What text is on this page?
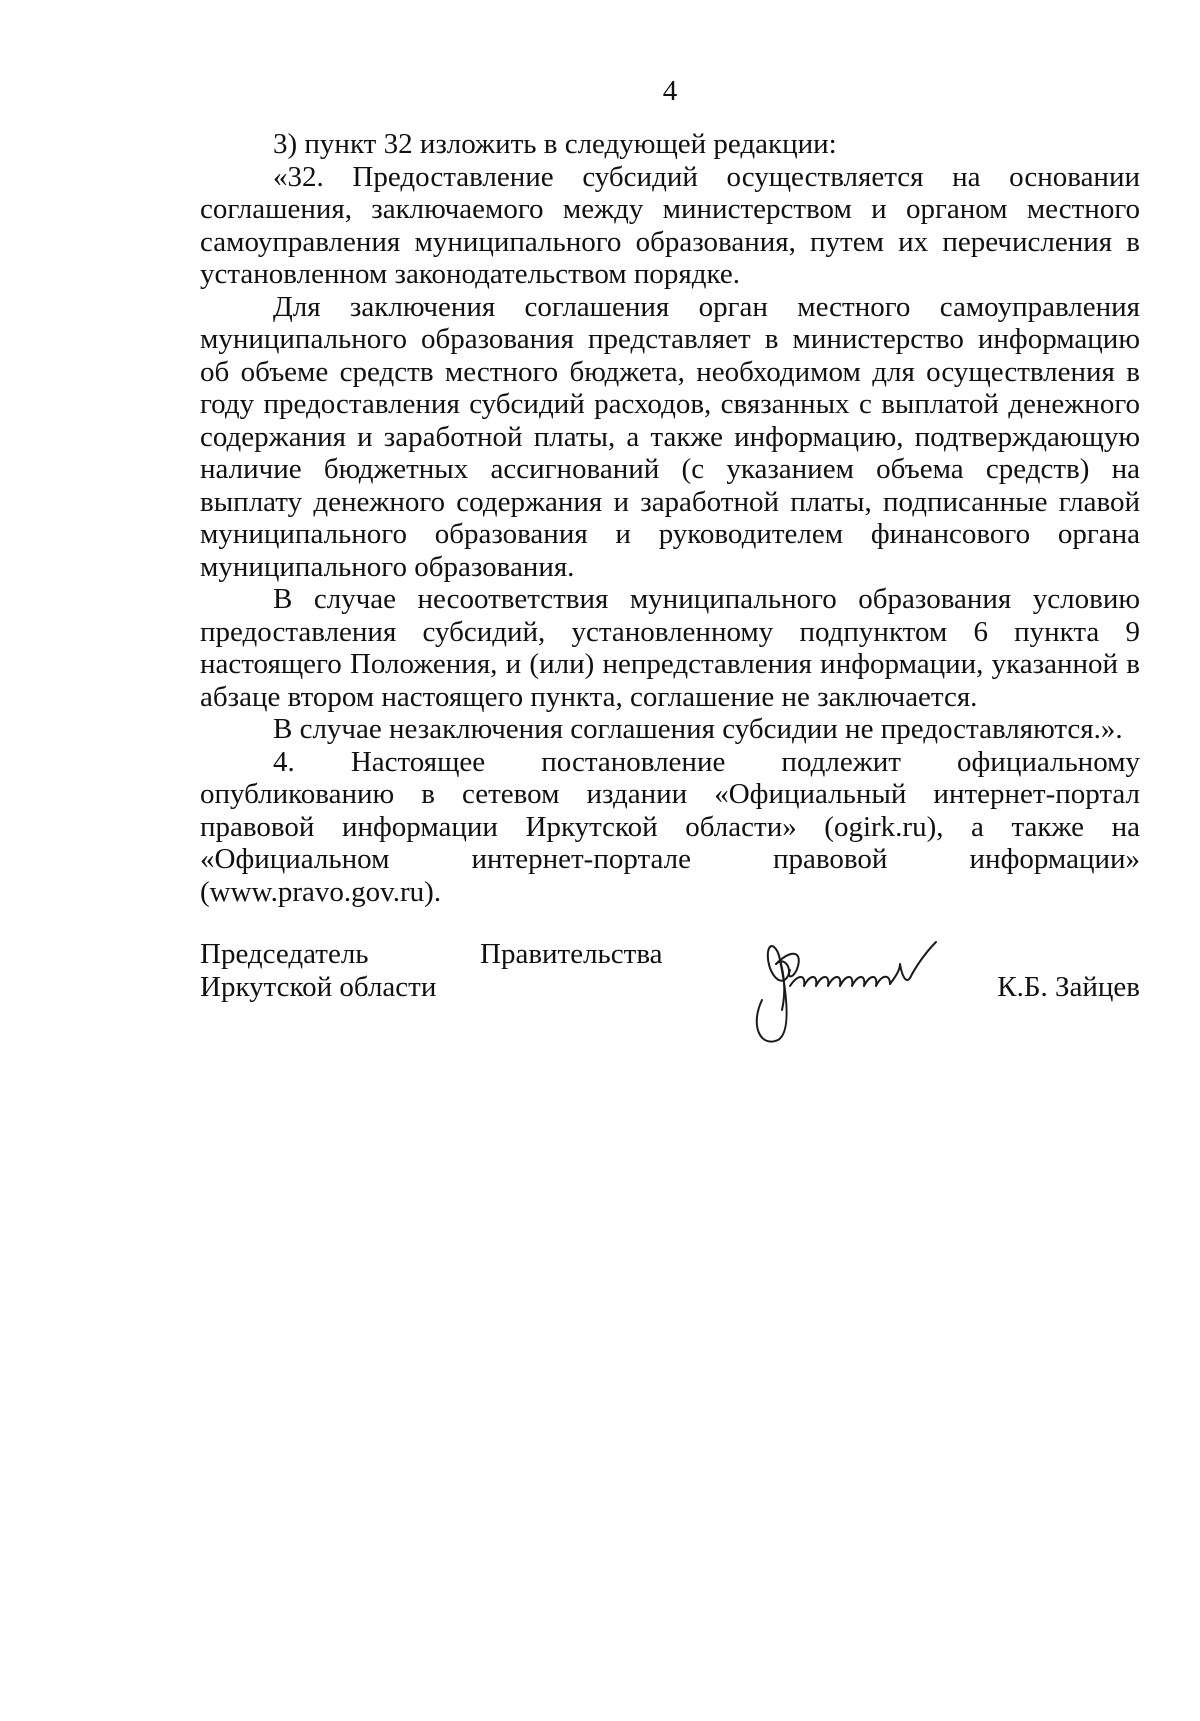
4

3) пункт 32 изложить в следующей редакции:

«32. Предоставление субсидий осуществляется на основании соглашения, заключаемого между министерством и органом местного самоуправления муниципального образования, путем их перечисления в установленном законодательством порядке.

Для заключения соглашения орган местного самоуправления муниципального образования представляет в министерство информацию об объеме средств местного бюджета, необходимом для осуществления в году предоставления субсидий расходов, связанных с выплатой денежного содержания и заработной платы, а также информацию, подтверждающую наличие бюджетных ассигнований (с указанием объема средств) на выплату денежного содержания и заработной платы, подписанные главой муниципального образования и руководителем финансового органа муниципального образования.

В случае несоответствия муниципального образования условию предоставления субсидий, установленному подпунктом 6 пункта 9 настоящего Положения, и (или) непредставления информации, указанной в абзаце втором настоящего пункта, соглашение не заключается.

В случае незаключения соглашения субсидии не предоставляются.».

4. Настоящее постановление подлежит официальному опубликованию в сетевом издании «Официальный интернет-портал правовой информации Иркутской области» (ogirk.ru), а также на «Официальном интернет-портале правовой информации» (www.pravo.gov.ru).

Председатель
Иркутской области
Правительства
К.Б. Зайцев
